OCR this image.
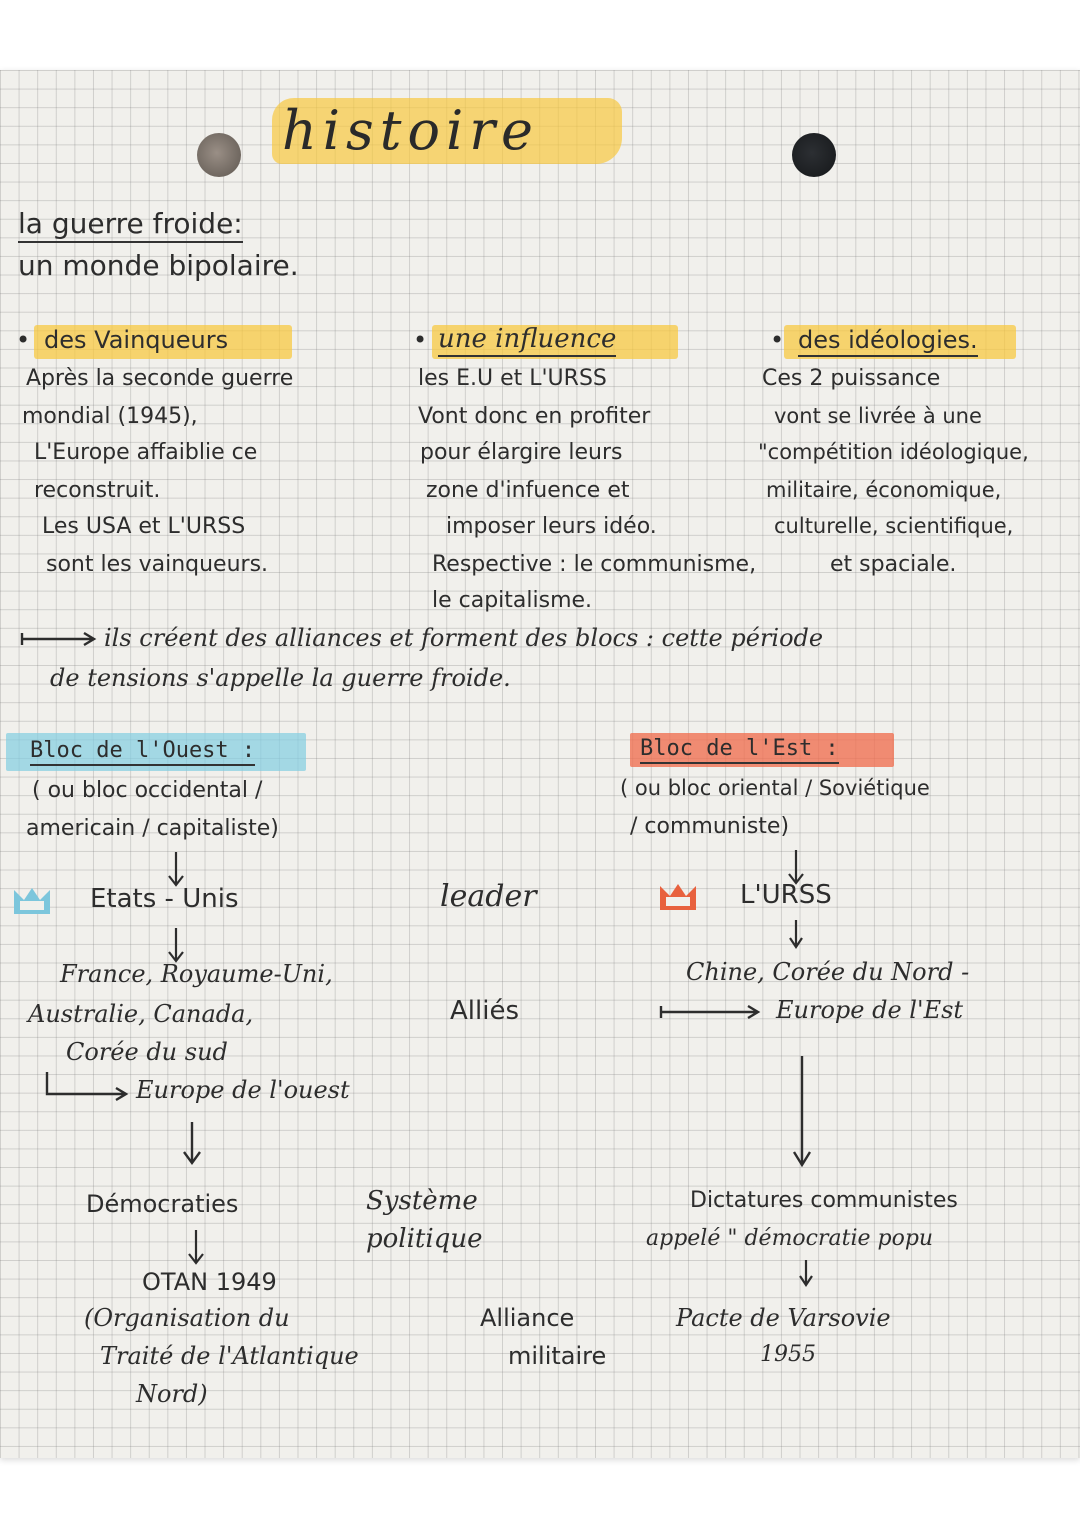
histoire
la guerre froide:
un monde bipolaire.
• des Vainqueurs
Après la seconde guerre
mondial (1945),
L'Europe affaiblie ce
reconstruit.
Les USA et L'URSS
sont les vainqueurs.
• une influence
les E.U et L'URSS
Vont donc en profiter
pour élargire leurs
zone d'infuence et
imposer leurs idéo.
Respective : le communisme,
le capitalisme.
• des idéologies.
Ces 2 puissance
vont se livrée à une
"compétition idéologique,
militaire, économique,
culturelle, scientifique,
et spaciale.
ils créent des alliances et forment des blocs : cette période
de tensions s'appelle la guerre froide.
Bloc de l'Ouest :
( ou bloc occidental /
americain / capitaliste)
Etats - Unis
France, Royaume-Uni,
Australie, Canada,
Corée du sud
Europe de l'ouest
Démocraties
OTAN 1949
(Organisation du
Traité de l'Atlantique
Nord)
leader
Alliés
Système
politique
Alliance
militaire
Bloc de l'Est :
( ou bloc oriental / Soviétique
/ communiste)
L'URSS
Chine, Corée du Nord -
Europe de l'Est
Dictatures communistes
appelé " démocratie popu
Pacte de Varsovie
1955
